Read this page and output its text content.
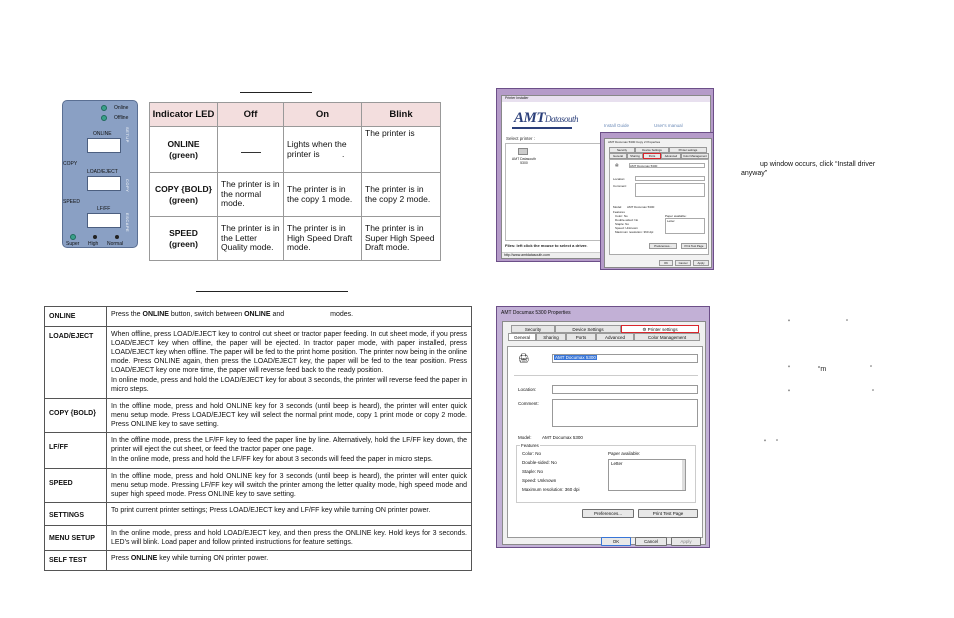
Online
Offline
ONLINE	SETUP
COPY
LOAD/EJECT
COPY
SPEED
LF/FF
ESCAPE
Super High Normal
Indicator LED	Off	On	Blink
ONLINE
(green)		Lights when the printer is .	The printer is
COPY {BOLD}
(green)	The printer is in the normal mode.	The printer is in the copy 1 mode.	The printer is in the copy 2 mode.
SPEED
(green)	The printer is in the Letter Quality mode.	The printer is in High Speed Draft mode.	The printer is in Super High Speed Draft mode.
ONLINE	Press the ONLINE button, switch between ONLINE and modes.
LOAD/EJECT	When offline, press LOAD/EJECT key to control cut sheet or tractor paper feeding. In cut sheet mode, if you press LOAD/EJECT key when offline, the paper will be ejected. In tractor paper mode, with paper installed, press LOAD/EJECT key when offline. The paper will be fed to the print home position. The printer now being in the online mode. Press ONLINE again, then press the LOAD/EJECT key, the paper will be fed to the tear position. Press LOAD/EJECT key one more time, the paper will reverse feed back to the ready position.

In online mode, press and hold the LOAD/EJECT key for about 3 seconds, the printer will reverse feed the paper in micro steps.

COPY {BOLD}	In the offline mode, press and hold ONLINE key for 3 seconds (until beep is heard), the printer will enter quick menu setup mode. Press LOAD/EJECT key will select the normal print mode, copy 1 print mode or copy 2 mode. Press ONLINE key to save setting.
LF/FF	In the offline mode, press the LF/FF key to feed the paper line by line. Alternatively, hold the LF/FF key down, the printer will eject the cut sheet, or feed the tractor paper one page.

In the online mode, press and hold the LF/FF key for about 3 seconds will feed the paper in micro steps.

SPEED	In the offline mode, press and hold ONLINE key for 3 seconds (until beep is heard), the printer will enter quick menu setup mode. Pressing LF/FF key will switch the printer among the letter quality mode, high speed mode and super high speed mode. Press ONLINE key to save setting.
SETTINGS	To print current printer settings; Press LOAD/EJECT key and LF/FF key while turning ON printer power.
MENU SETUP	In the online mode, press and hold LOAD/EJECT key, and then press the ONLINE key. Hold keys for 3 seconds. LED's will blink. Load paper and follow printed instructions for feature settings.
SELF TEST	Press ONLINE key while turning ON printer power.
Printer Installer
AMTDatasouth
Install Guide	User's manual
Select printer :
AMT Datasouth 5300
Files: left click the mouse to select a driver.
http://www.amtdatasouth.com
AMT Documax 5300 Copy 2 Properties
Security	Device Settings	Printer settings
General	Sharing	Ports	Advanced	Color Management
🖨	AMT Documax 5300
Location:
Comment:
Model: AMT Documax 5300
Features
Color: No
Double-sided: No
Staple: No
Speed: Unknown
Maximum resolution: 360 dpi
Paper available:
Letter
Preferences...	Print Test Page
OK	Cancel	Apply
AMT Documax 5300 Properties
Security	Device Settings	⚙ Printer settings
General	Sharing	Ports	Advanced	Color Management
🖨	AMT Documax 5300
Location:
Comment:
Model: AMT Documax 5300
Features
Color: No
Double-sided: No
Staple: No
Speed: Unknown
Maximum resolution: 360 dpi
Paper available:
Letter
Preferences...	Print Test Page
OK	Cancel	Apply
up window occurs, click “Install driver
anyway”
“	”
“	“m	”
“	”
“ ”
